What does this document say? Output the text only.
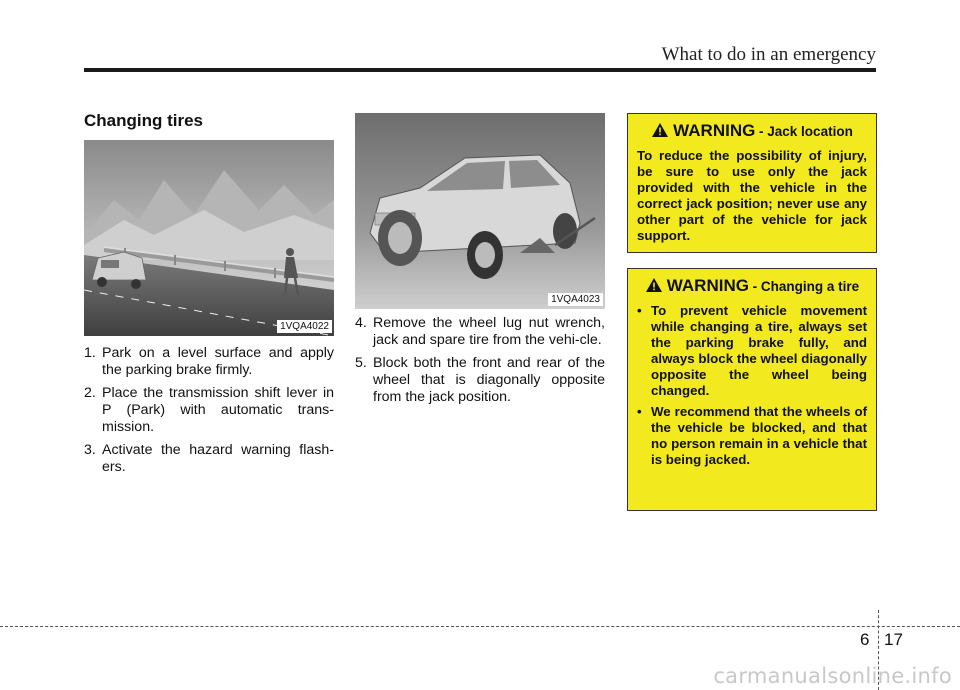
What to do in an emergency
Changing tires
1VQA4022
1VQA4023
1. Park on a level surface and apply the parking brake firmly.
2. Place the transmission shift lever in P (Park) with automatic trans-mission.
3. Activate the hazard warning flash-ers.
4. Remove the wheel lug nut wrench, jack and spare tire from the vehi-cle.
5. Block both the front and rear of the wheel that is diagonally opposite from the jack position.
WARNING - Jack location
To reduce the possibility of injury, be sure to use only the jack provided with the vehicle in the correct jack position; never use any other part of the vehicle for jack support.
WARNING - Changing a tire
• To prevent vehicle movement while changing a tire, always set the parking brake fully, and always block the wheel diagonally opposite the wheel being changed.
• We recommend that the wheels of the vehicle be blocked, and that no person remain in a vehicle that is being jacked.
6 17
carmanualsonline.info
